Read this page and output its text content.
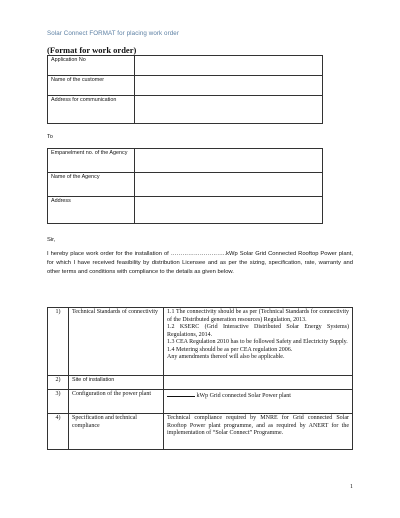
Solar Connect FORMAT for placing work order
(Format for work order)
Application No	
Name of the customer	
Address for communication	
To
Empanelment no. of the Agency	
Name of the Agency	
Address	
Sir,
I hereby place work order for the installation of ………………………..kWp Solar Grid Connected Rooftop Power plant, for which I have received feasibility by distribution Licensee and as per the sizing, specification, rate, warranty and other terms and conditions with compliance to the details as given below.
1)	Technical Standards of connectivity	1.1 The connectivity should be as per (Technical Standards for connectivity of the Distributed generation resources) Regulation, 2013.
1.2 KSERC (Grid Interactive Distributed Solar Energy Systems) Regulations, 2014.
1.3 CEA Regulation 2010 has to be followed Safety and Electricity Supply.
1.4 Metering should be as per CEA regulation 2006.
Any amendments thereof will also be applicable.

2)	Site of installation	
3)	Configuration of the power plant	kWp Grid connected Solar Power plant
4)	Specification and technical compliance	Technical compliance required by MNRE for Grid connected Solar Rooftop Power plant programme, and as required by ANERT for the implementation of “Solar Connect” Programme.
1
